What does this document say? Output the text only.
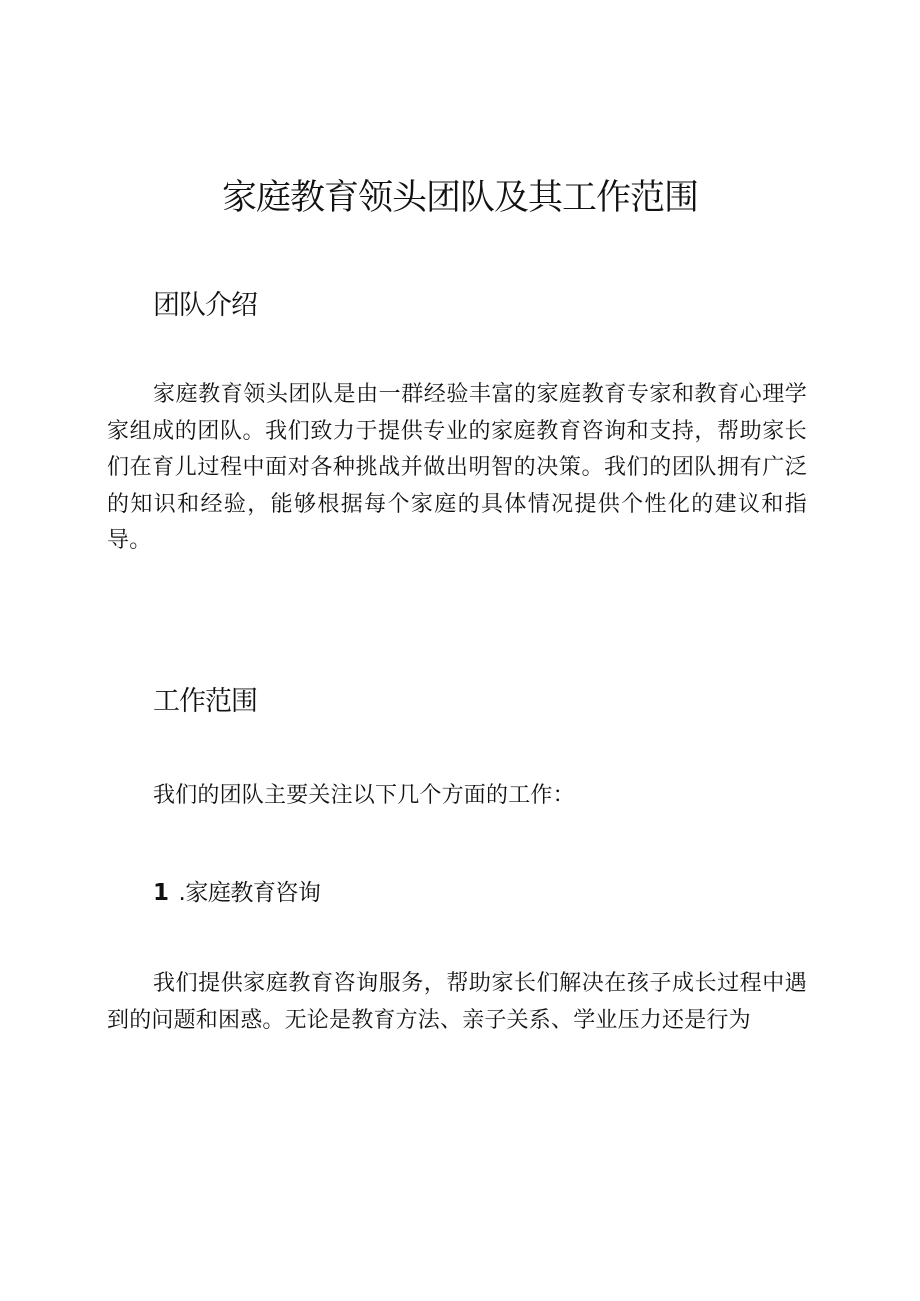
家庭教育领头团队及其工作范围
团队介绍

家庭教育领头团队是由一群经验丰富的家庭教育专家和教育心理学家组成的团队。我们致力于提供专业的家庭教育咨询和支持，帮助家长们在育儿过程中面对各种挑战并做出明智的决策。我们的团队拥有广泛的知识和经验，能够根据每个家庭的具体情况提供个性化的建议和指导。

工作范围

我们的团队主要关注以下几个方面的工作：

1 .家庭教育咨询

我们提供家庭教育咨询服务，帮助家长们解决在孩子成长过程中遇到的问题和困惑。无论是教育方法、亲子关系、学业压力还是行为
